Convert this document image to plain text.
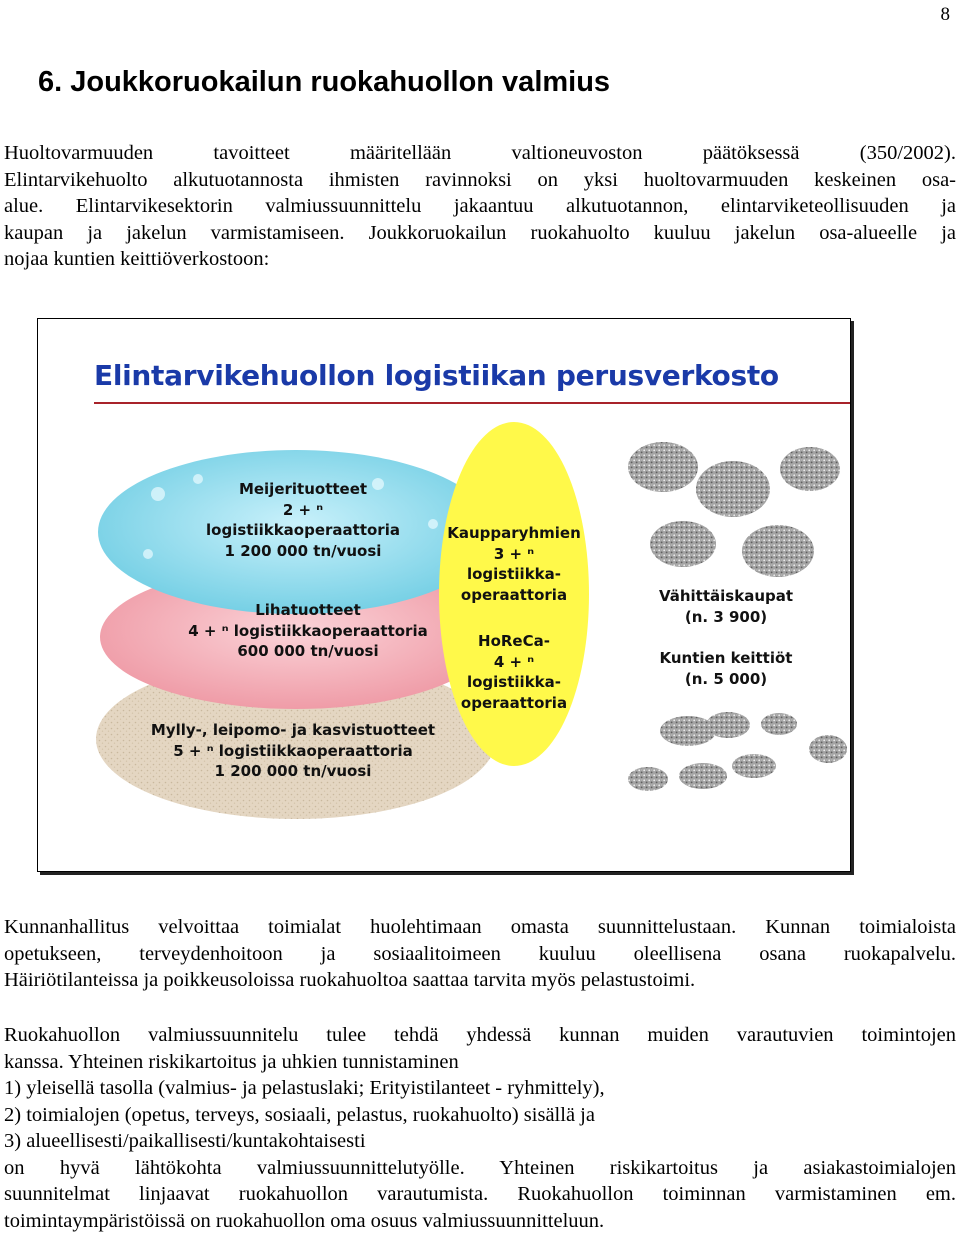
8
6. Joukkoruokailun ruokahuollon valmius
Huoltovarmuuden tavoitteet määritellään valtioneuvoston päätöksessä (350/2002).
Elintarvikehuolto alkutuotannosta ihmisten ravinnoksi on yksi huoltovarmuuden keskeinen osa-
alue. Elintarvikesektorin valmiussuunnittelu jakaantuu alkutuotannon, elintarviketeollisuuden ja
kaupan ja jakelun varmistamiseen. Joukkoruokailun ruokahuolto kuuluu jakelun osa-alueelle ja
nojaa kuntien keittiöverkostoon:
Elintarvikehuollon logistiikan perusverkosto
Meijerituotteet
2 + ⁿ
logistiikkaoperaattoria
1 200 000 tn/vuosi
Lihatuotteet
4 + ⁿ logistiikkaoperaattoria
600 000 tn/vuosi
Mylly-, leipomo- ja kasvistuotteet
5 + ⁿ logistiikkaoperaattoria
1 200 000 tn/vuosi
Kaupparyhmien
3 + ⁿ
logistiikka-
operaattoria
HoReCa-
4 + ⁿ
logistiikka-
operaattoria
Vähittäiskaupat
(n. 3 900)
Kuntien keittiöt
(n. 5 000)
Kunnanhallitus velvoittaa toimialat huolehtimaan omasta suunnittelustaan. Kunnan toimialoista
opetukseen, terveydenhoitoon ja sosiaalitoimeen kuuluu oleellisena osana ruokapalvelu.
Häiriötilanteissa ja poikkeusoloissa ruokahuoltoa saattaa tarvita myös pelastustoimi.
Ruokahuollon valmiussuunnitelu tulee tehdä yhdessä kunnan muiden varautuvien toimintojen
kanssa. Yhteinen riskikartoitus ja uhkien tunnistaminen
1) yleisellä tasolla (valmius- ja pelastuslaki; Erityistilanteet - ryhmittely),
2) toimialojen (opetus, terveys, sosiaali, pelastus, ruokahuolto) sisällä ja
3) alueellisesti/paikallisesti/kuntakohtaisesti
on hyvä lähtökohta valmiussuunnittelutyölle. Yhteinen riskikartoitus ja asiakastoimialojen
suunnitelmat linjaavat ruokahuollon varautumista. Ruokahuollon toiminnan varmistaminen em.
toimintaympäristöissä on ruokahuollon oma osuus valmiussuunnitteluun.
